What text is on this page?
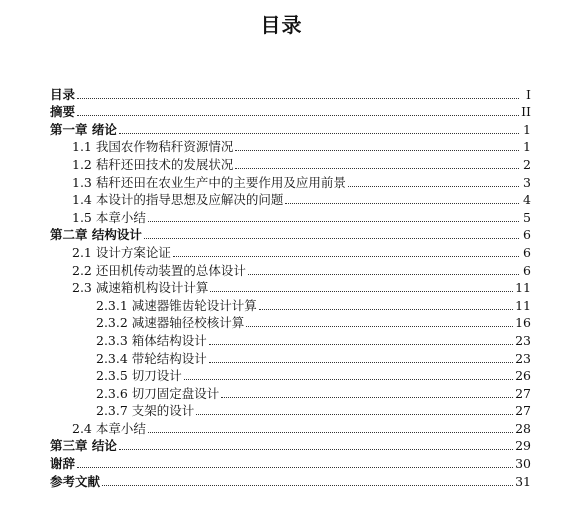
目录
目录	I
摘要	II
第一章 绪论	1
1.1 我国农作物秸秆资源情况	1
1.2 秸秆还田技术的发展状况	2
1.3 秸秆还田在农业生产中的主要作用及应用前景	3
1.4 本设计的指导思想及应解决的问题	4
1.5 本章小结	5
第二章 结构设计	6
2.1 设计方案论证	6
2.2 还田机传动装置的总体设计	6
2.3 减速箱机构设计计算	11
2.3.1 减速器锥齿轮设计计算	11
2.3.2 减速器轴径校核计算	16
2.3.3 箱体结构设计	23
2.3.4 带轮结构设计	23
2.3.5 切刀设计	26
2.3.6 切刀固定盘设计	27
2.3.7 支架的设计	27
2.4 本章小结	28
第三章 结论	29
谢辞	30
参考文献	31
